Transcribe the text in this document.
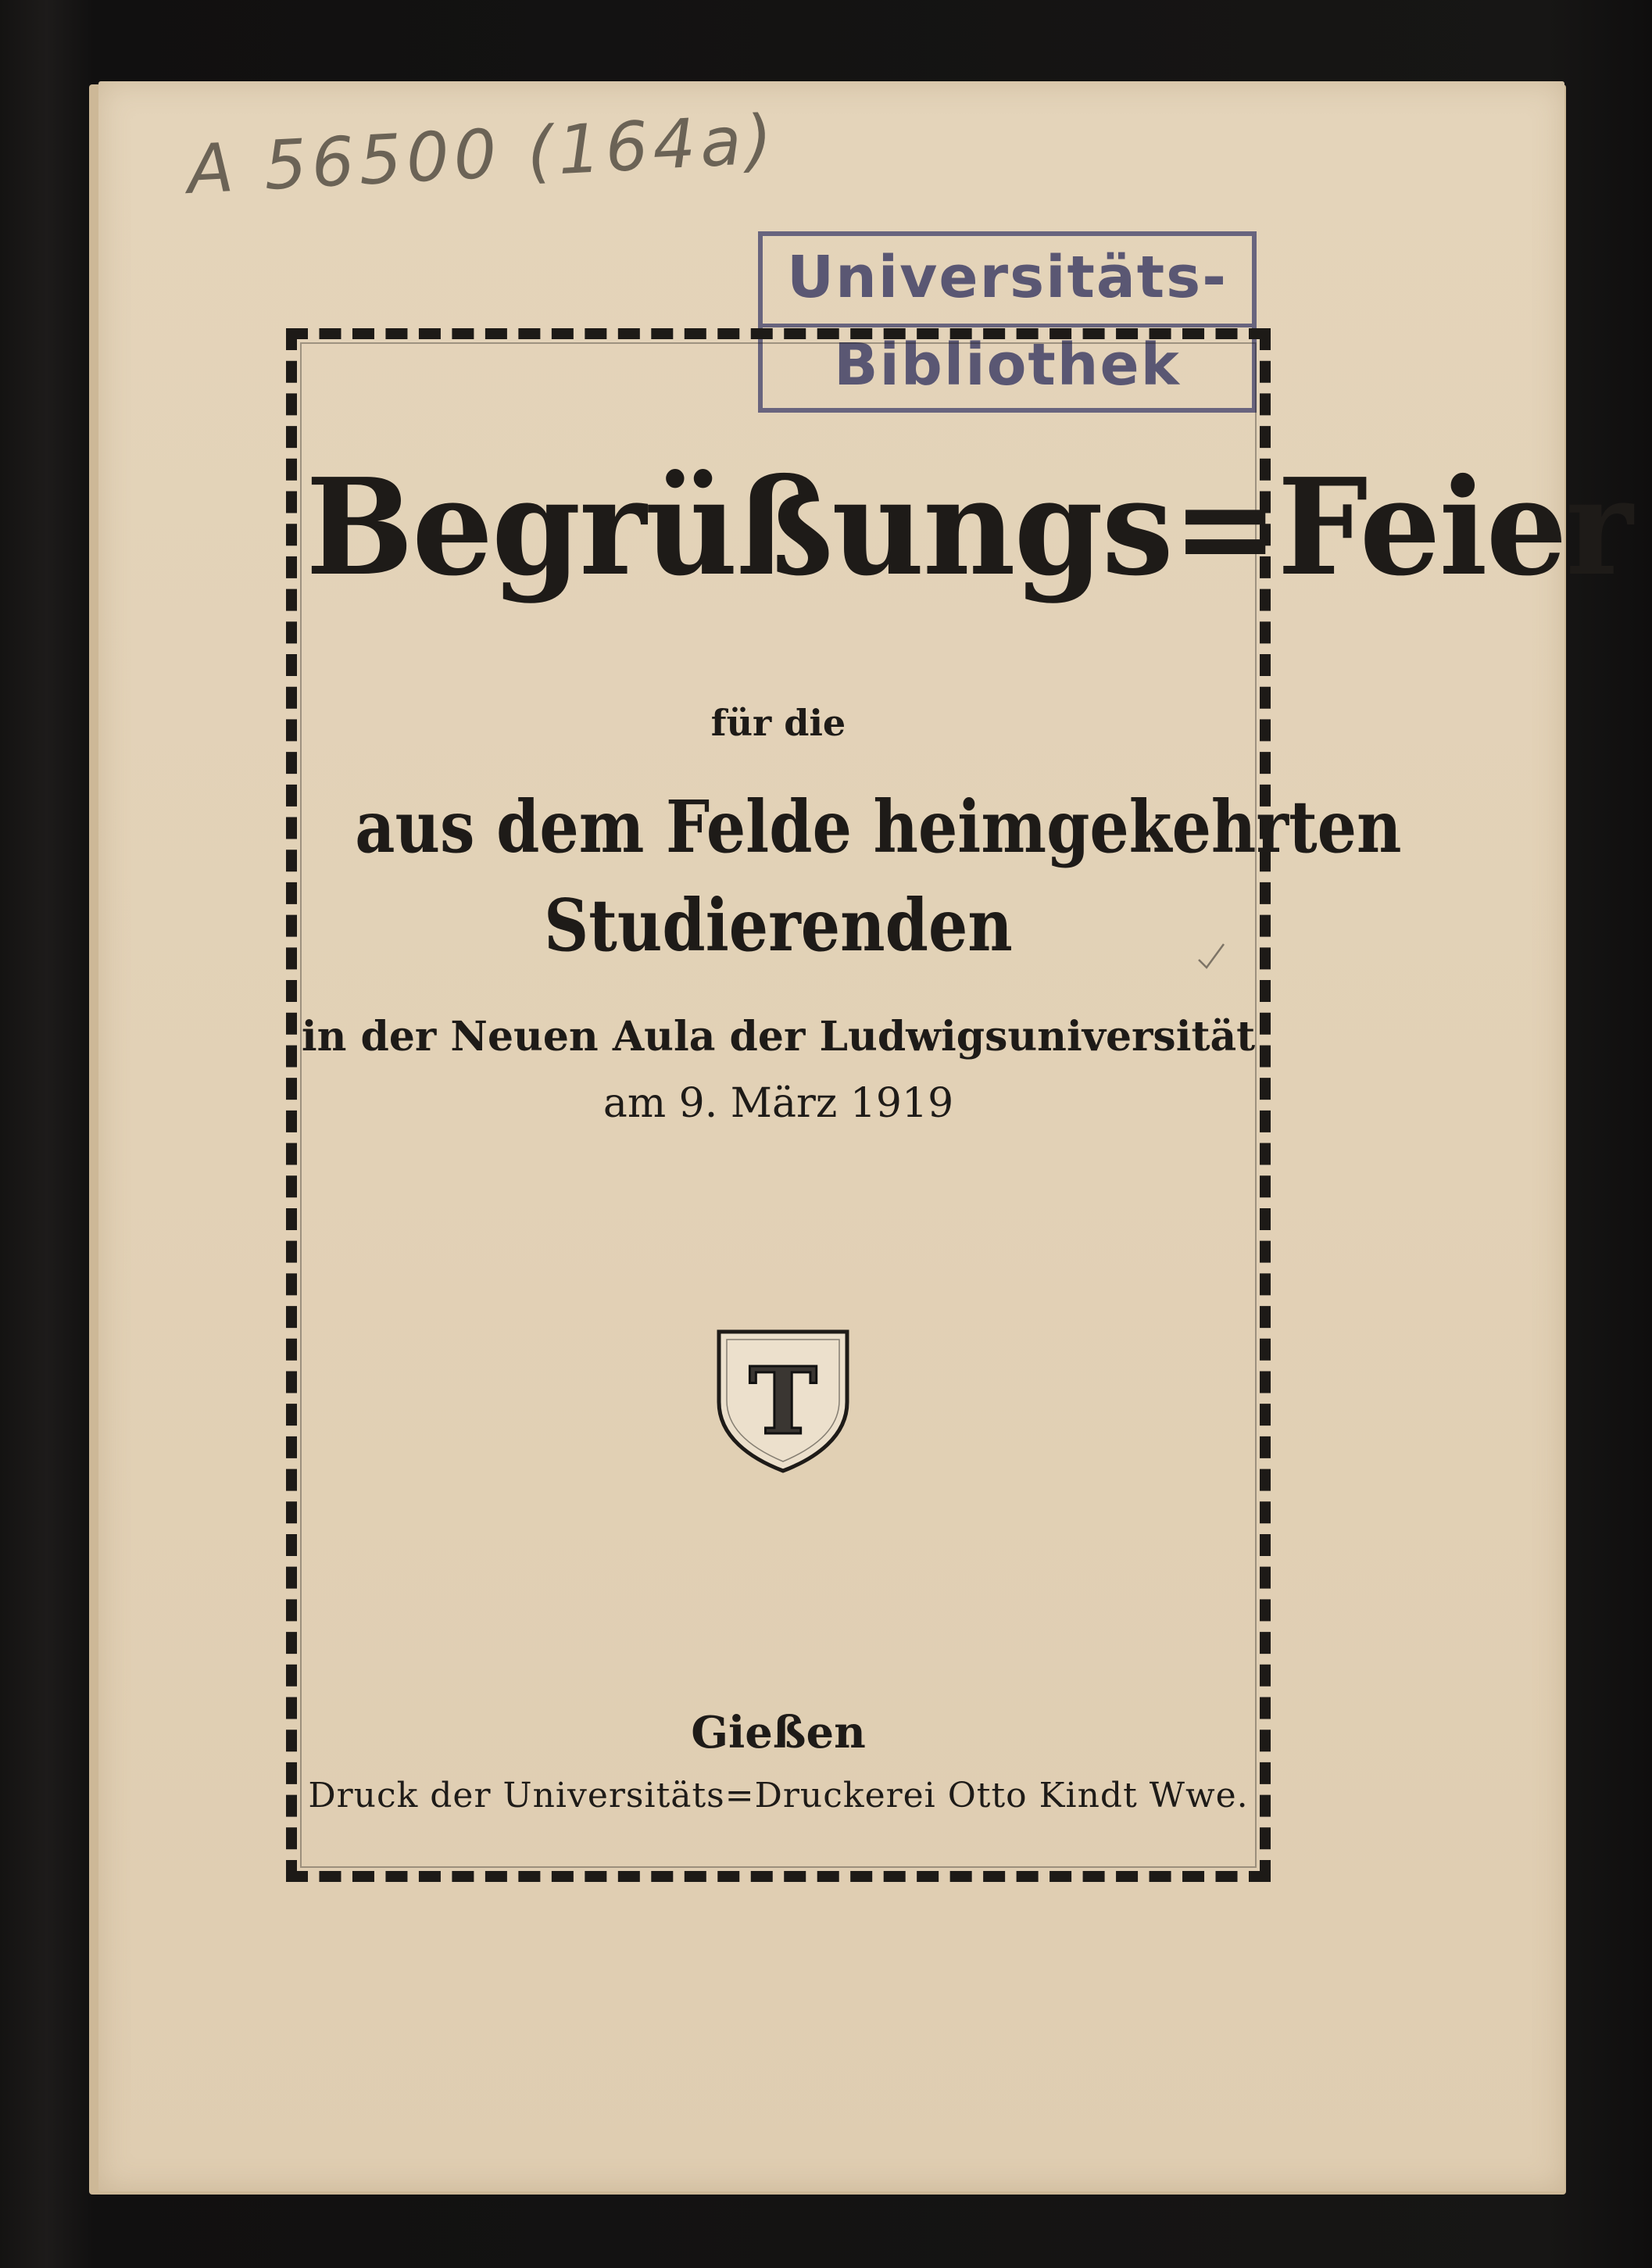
A 56500 (164a)

Universitäts-
Bibliothek
Begrüßungs=Feier
für die
aus dem Felde heimgekehrten
Studierenden
in der Neuen Aula der Ludwigsuniversität
am 9. März 1919
T
Gießen
Druck der Universitäts=Druckerei Otto Kindt Wwe.
